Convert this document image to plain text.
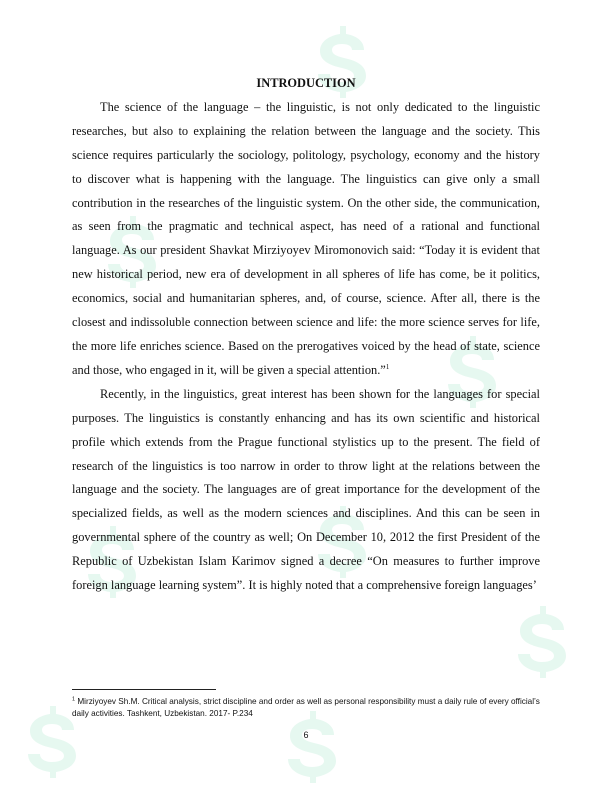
INTRODUCTION

The science of the language – the linguistic, is not only dedicated to the linguistic researches, but also to explaining the relation between the language and the society. This science requires particularly the sociology, politology, psychology, economy and the history to discover what is happening with the language. The linguistics can give only a small contribution in the researches of the linguistic system. On the other side, the communication, as seen from the pragmatic and technical aspect, has need of a rational and functional language. As our president Shavkat Mirziyoyev Miromonovich said: “Today it is evident that new historical period, new era of development in all spheres of life has come, be it politics, economics, social and humanitarian spheres, and, of course, science. After all, there is the closest and indissoluble connection between science and life: the more science serves for life, the more life enriches science. Based on the prerogatives voiced by the head of state, science and those, who engaged in it, will be given a special attention.”$^1$

Recently, in the linguistics, great interest has been shown for the languages for special purposes. The linguistics is constantly enhancing and has its own scientific and historical profile which extends from the Prague functional stylistics up to the present. The field of research of the linguistics is too narrow in order to throw light at the relations between the language and the society. The languages are of great importance for the development of the specialized fields, as well as the modern sciences and disciplines. And this can be seen in governmental sphere of the country as well; On December 10, 2012 the first President of the Republic of Uzbekistan Islam Karimov signed a decree “On measures to further improve foreign language learning system”. It is highly noted that a comprehensive foreign languages’

$^1$ Mirziyoyev Sh.M. Critical analysis, strict discipline and order as well as personal responsibility must a daily rule of every official’s daily activities. Tashkent, Uzbekistan. 2017- P.234
6
